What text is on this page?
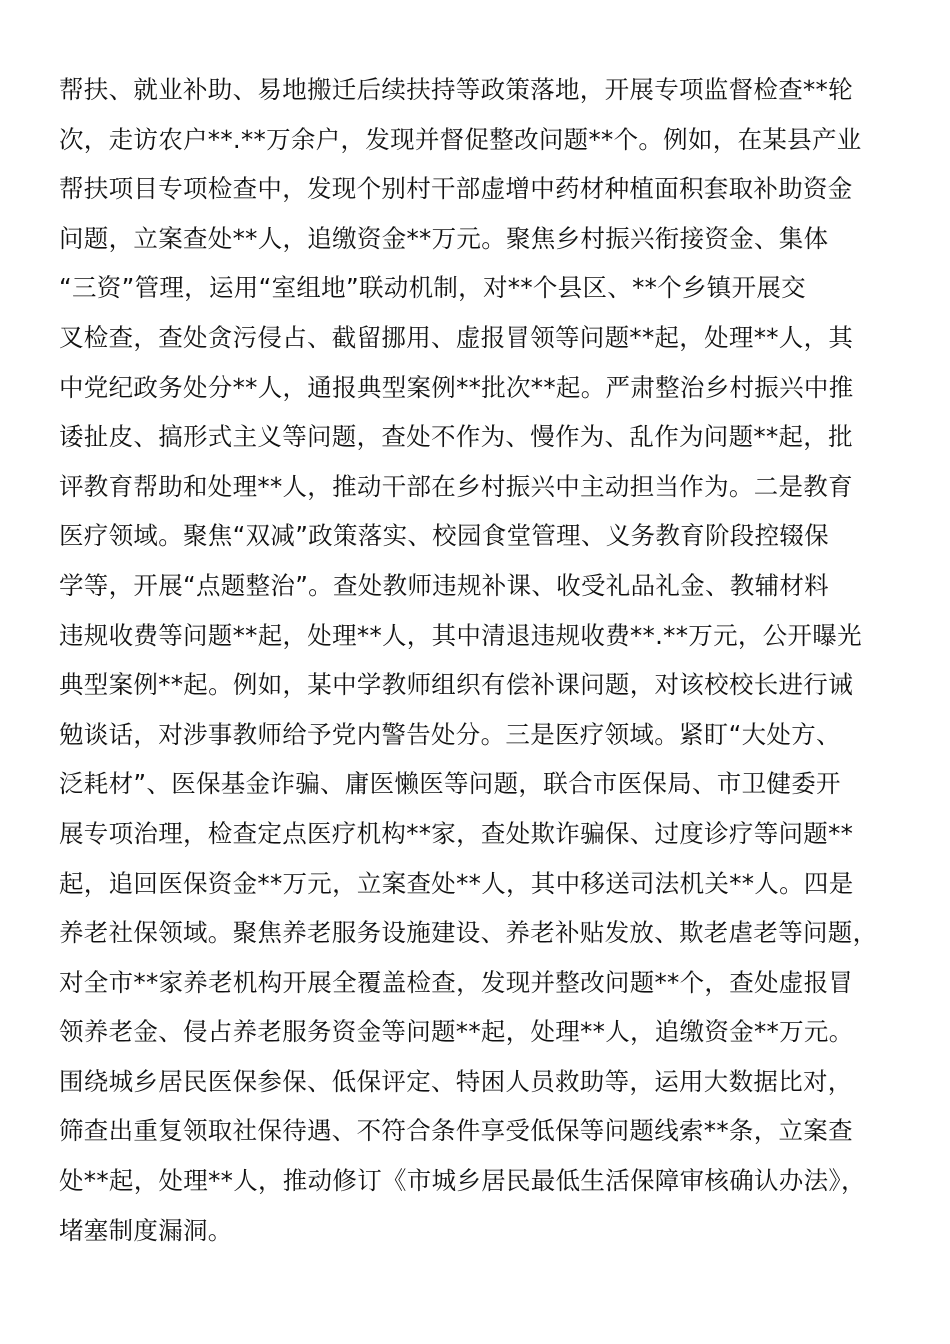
帮扶、就业补助、易地搬迁后续扶持等政策落地，开展专项监督检查**轮
次，走访农户**.**万余户，发现并督促整改问题**个。例如，在某县产业
帮扶项目专项检查中，发现个别村干部虚增中药材种植面积套取补助资金
问题，立案查处**人，追缴资金**万元。聚焦乡村振兴衔接资金、集体
“三资”管理，运用“室组地”联动机制，对**个县区、**个乡镇开展交
叉检查，查处贪污侵占、截留挪用、虚报冒领等问题**起，处理**人，其
中党纪政务处分**人，通报典型案例**批次**起。严肃整治乡村振兴中推
诿扯皮、搞形式主义等问题，查处不作为、慢作为、乱作为问题**起，批
评教育帮助和处理**人，推动干部在乡村振兴中主动担当作为。二是教育
医疗领域。聚焦“双减”政策落实、校园食堂管理、义务教育阶段控辍保
学等，开展“点题整治”。查处教师违规补课、收受礼品礼金、教辅材料
违规收费等问题**起，处理**人，其中清退违规收费**.**万元，公开曝光
典型案例**起。例如，某中学教师组织有偿补课问题，对该校校长进行诫
勉谈话，对涉事教师给予党内警告处分。三是医疗领域。紧盯“大处方、
泛耗材”、医保基金诈骗、庸医懒医等问题，联合市医保局、市卫健委开
展专项治理，检查定点医疗机构**家，查处欺诈骗保、过度诊疗等问题**
起，追回医保资金**万元，立案查处**人，其中移送司法机关**人。四是
养老社保领域。聚焦养老服务设施建设、养老补贴发放、欺老虐老等问题，
对全市**家养老机构开展全覆盖检查，发现并整改问题**个，查处虚报冒
领养老金、侵占养老服务资金等问题**起，处理**人，追缴资金**万元。
围绕城乡居民医保参保、低保评定、特困人员救助等，运用大数据比对，
筛查出重复领取社保待遇、不符合条件享受低保等问题线索**条，立案查
处**起，处理**人，推动修订《市城乡居民最低生活保障审核确认办法》，
堵塞制度漏洞。
